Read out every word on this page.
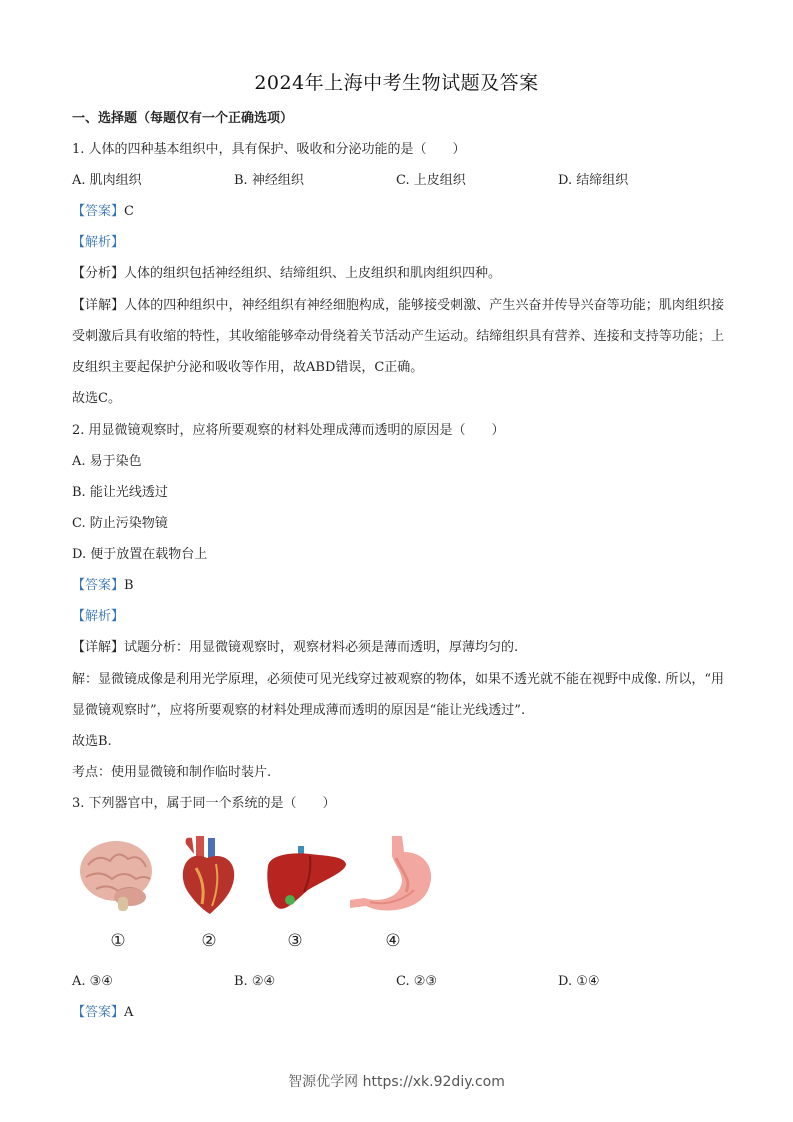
2024年上海中考生物试题及答案
一、选择题（每题仅有一个正确选项）
1. 人体的四种基本组织中，具有保护、吸收和分泌功能的是（　　）
A. 肌肉组织	B. 神经组织	C. 上皮组织	D. 结缔组织
【答案】C
【解析】
【分析】人体的组织包括神经组织、结缔组织、上皮组织和肌肉组织四种。
【详解】人体的四种组织中，神经组织有神经细胞构成，能够接受刺激、产生兴奋并传导兴奋等功能；肌肉组织接受刺激后具有收缩的特性，其收缩能够牵动骨绕着关节活动产生运动。结缔组织具有营养、连接和支持等功能；上皮组织主要起保护分泌和吸收等作用，故ABD错误，C正确。
故选C。
2. 用显微镜观察时，应将所要观察的材料处理成薄而透明的原因是（　　）
A. 易于染色
B. 能让光线透过
C. 防止污染物镜
D. 便于放置在载物台上
【答案】B
【解析】
【详解】试题分析：用显微镜观察时，观察材料必须是薄而透明，厚薄均匀的.
解：显微镜成像是利用光学原理，必须使可见光线穿过被观察的物体，如果不透光就不能在视野中成像. 所以，“用显微镜观察时”，应将所要观察的材料处理成薄而透明的原因是“能让光线透过”.
故选B.
考点：使用显微镜和制作临时装片.
3. 下列器官中，属于同一个系统的是（　　）
①	②	③	④
A. ③④	B. ②④	C. ②③	D. ①④
【答案】A
智源优学网 https://xk.92diy.com
